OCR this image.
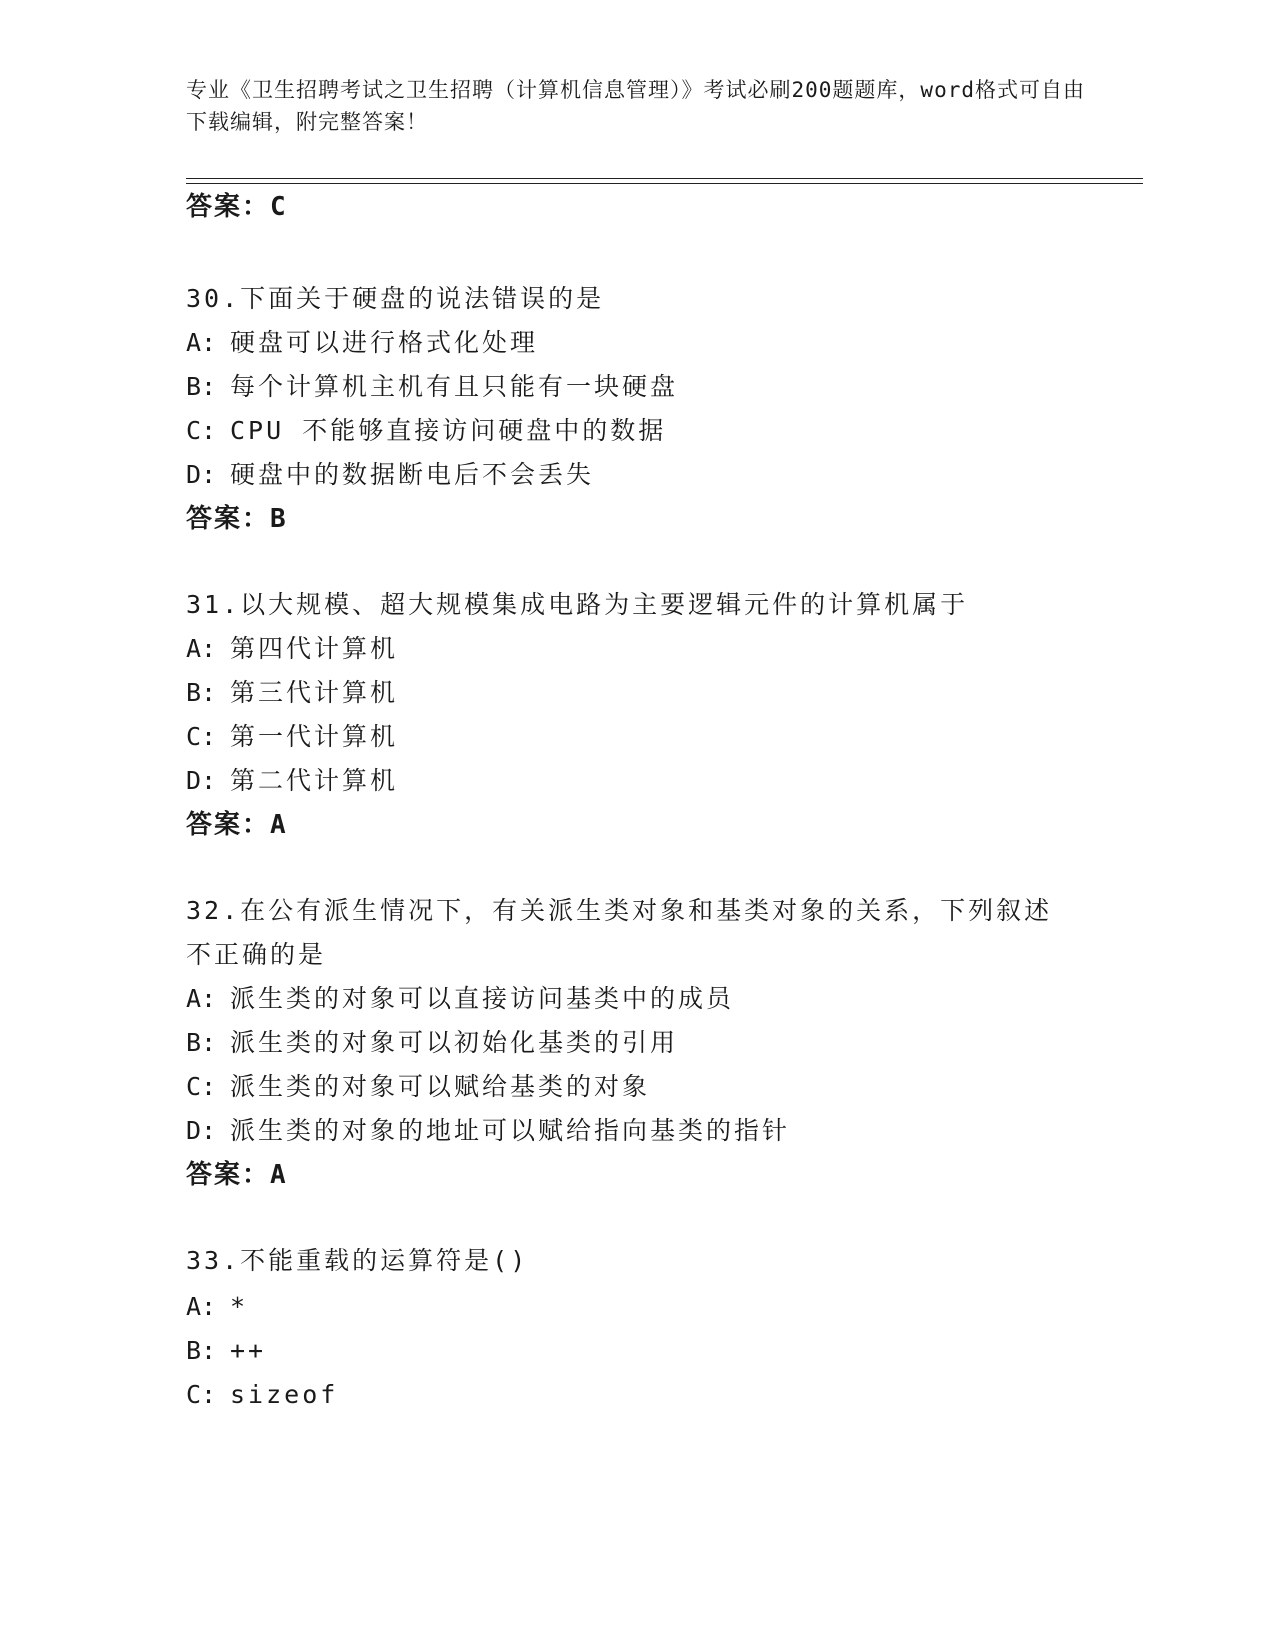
专业《卫生招聘考试之卫生招聘（计算机信息管理）》考试必刷200题题库，word格式可自由下载编辑，附完整答案！
答案：C
30.下面关于硬盘的说法错误的是
A: 硬盘可以进行格式化处理
B: 每个计算机主机有且只能有一块硬盘
C: CPU 不能够直接访问硬盘中的数据
D: 硬盘中的数据断电后不会丢失
答案：B
31.以大规模、超大规模集成电路为主要逻辑元件的计算机属于
A: 第四代计算机
B: 第三代计算机
C: 第一代计算机
D: 第二代计算机
答案：A
32.在公有派生情况下，有关派生类对象和基类对象的关系，下列叙述
不正确的是
A: 派生类的对象可以直接访问基类中的成员
B: 派生类的对象可以初始化基类的引用
C: 派生类的对象可以赋给基类的对象
D: 派生类的对象的地址可以赋给指向基类的指针
答案：A
33.不能重载的运算符是()
A: *
B: ++
C: sizeof
